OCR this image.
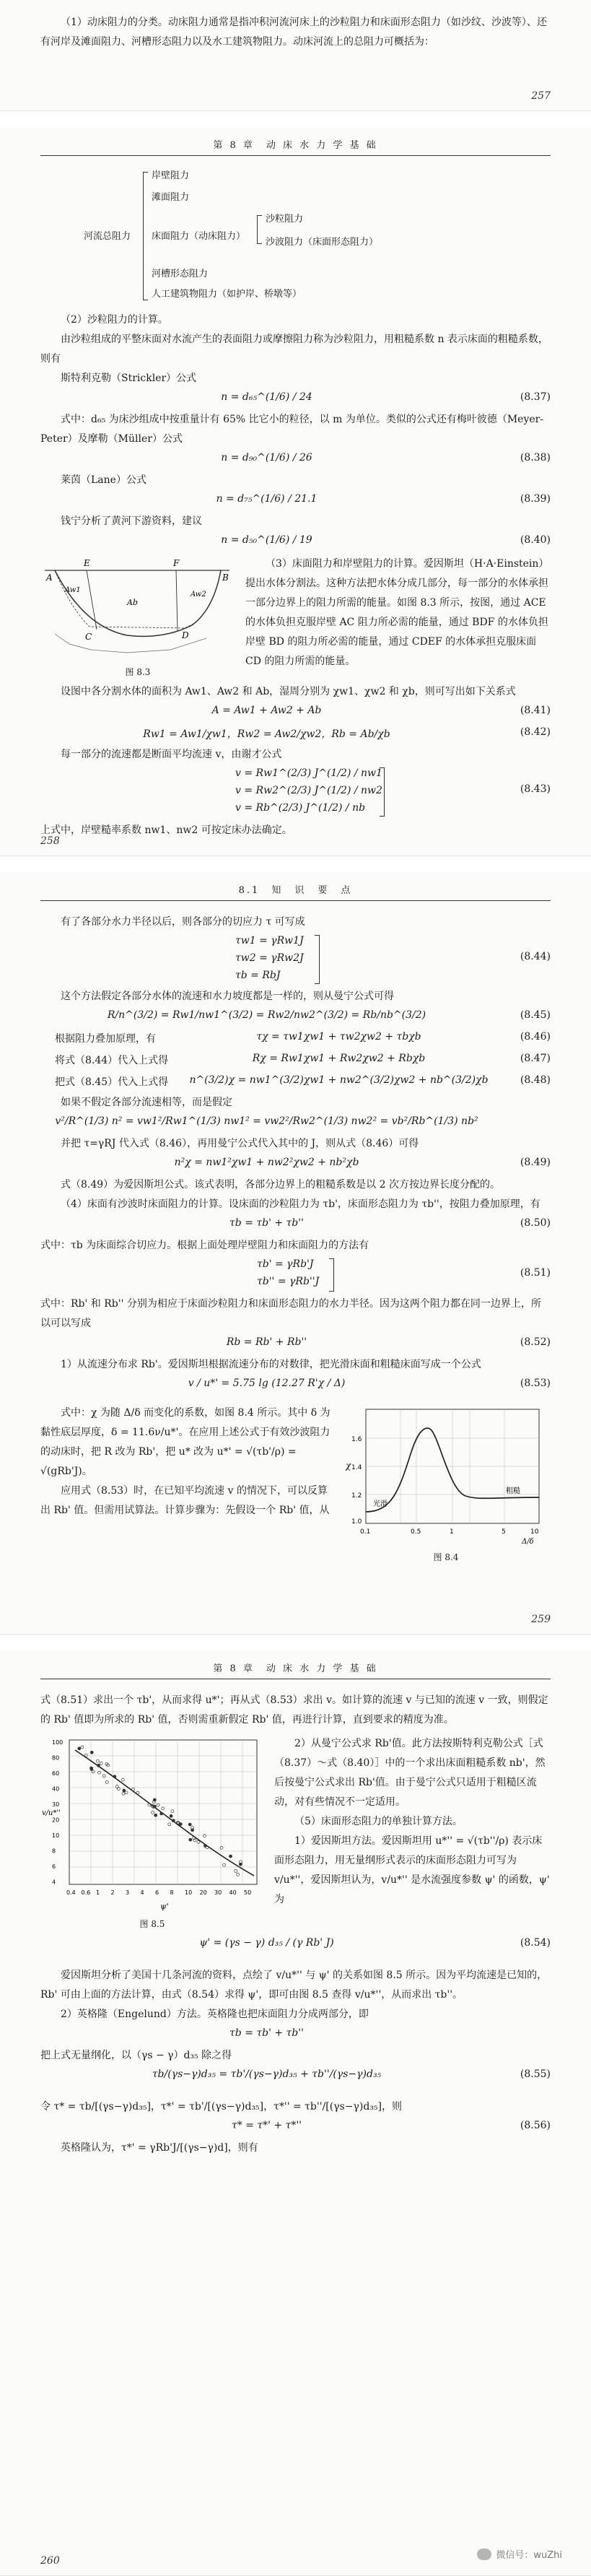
（1）动床阻力的分类。动床阻力通常是指冲积河流河床上的沙粒阻力和床面形态阻力（如沙纹、沙波等）、还有河岸及滩面阻力、河槽形态阻力以及水工建筑物阻力。动床河流上的总阻力可概括为：

257
第 8 章　动 床 水 力 学 基 础
河流总阻力
岸壁阻力
滩面阻力
床面阻力（动床阻力）
沙粒阻力
沙波阻力（床面形态阻力）
河槽形态阻力
人工建筑物阻力（如护岸、桥墩等）

（2）沙粒阻力的计算。

由沙粒组成的平整床面对水流产生的表面阻力或摩擦阻力称为沙粒阻力，用粗糙系数 n 表示床面的粗糙系数，则有

斯特利克勒（Strickler）公式

n = d₆₅^(1/6) / 24	(8.37)

式中：d₆₅ 为床沙组成中按重量计有 65% 比它小的粒径，以 m 为单位。类似的公式还有梅叶彼德（Meyer-Peter）及摩勒（Müller）公式

n = d₉₀^(1/6) / 26	(8.38)

莱茵（Lane）公式

n = d₇₅^(1/6) / 21.1	(8.39)

钱宁分析了黄河下游资料，建议

n = d₅₀^(1/6) / 19	(8.40)
E	F
A	B
C	D
Aw1
Ab
Aw2
图 8.3

（3）床面阻力和岸壁阻力的计算。爱因斯坦（H·A·Einstein）提出水体分割法。这种方法把水体分成几部分，每一部分的水体承担一部分边界上的阻力所需的能量。如图 8.3 所示，按图，通过 ACE 的水体负担克服岸壁 AC 阻力所必需的能量，通过 BDF 的水体负担岸壁 BD 的阻力所必需的能量，通过 CDEF 的水体承担克服床面 CD 的阻力所需的能量。

设图中各分割水体的面积为 Aw1、Aw2 和 Ab，湿周分别为 χw1、χw2 和 χb，则可写出如下关系式

A = Aw1 + Aw2 + Ab	(8.41)
Rw1 = Aw1/χw1，Rw2 = Aw2/χw2，Rb = Ab/χb	(8.42)

每一部分的流速都是断面平均流速 v，由谢才公式

v = Rw1^(2/3) J^(1/2) / nw1
v = Rw2^(2/3) J^(1/2) / nw2
v = Rb^(2/3) J^(1/2) / nb
(8.43)

上式中，岸壁糙率系数 nw1、nw2 可按定床办法确定。

258
8.1　知　识　要　点

有了各部分水力半径以后，则各部分的切应力 τ 可写成

τw1 = γRw1J
τw2 = γRw2J
τb = RbJ
(8.44)

这个方法假定各部分水体的流速和水力坡度都是一样的，则从曼宁公式可得

R/n^(3/2) = Rw1/nw1^(3/2) = Rw2/nw2^(3/2) = Rb/nb^(3/2)	(8.45)
根据阻力叠加原理，有	τχ = τw1χw1 + τw2χw2 + τbχb	(8.46)
将式（8.44）代入上式得	Rχ = Rw1χw1 + Rw2χw2 + Rbχb	(8.47)
把式（8.45）代入上式得	n^(3/2)χ = nw1^(3/2)χw1 + nw2^(3/2)χw2 + nb^(3/2)χb	(8.48)

如果不假定各部分流速相等，而是假定

v²/R^(1/3) n² = vw1²/Rw1^(1/3) nw1² = vw2²/Rw2^(1/3) nw2² = vb²/Rb^(1/3) nb²

并把 τ=γRJ 代入式（8.46），再用曼宁公式代入其中的 J，则从式（8.46）可得

n²χ = nw1²χw1 + nw2²χw2 + nb²χb	(8.49)

式（8.49）为爱因斯坦公式。该式表明，各部分边界上的粗糙系数是以 2 次方按边界长度分配的。

（4）床面有沙波时床面阻力的计算。设床面的沙粒阻力为 τb'，床面形态阻力为 τb''，按阻力叠加原理，有

τb = τb' + τb''	(8.50)

式中：τb 为床面综合切应力。根据上面处理岸壁阻力和床面阻力的方法有

τb' = γRb'J
τb'' = γRb''J
(8.51)

式中：Rb' 和 Rb'' 分别为相应于床面沙粒阻力和床面形态阻力的水力半径。因为这两个阻力都在同一边界上，所以可以写成

Rb = Rb' + Rb''	(8.52)

1）从流速分布求 Rb'。爱因斯坦根据流速分布的对数律，把光滑床面和粗糙床面写成一个公式

v / u*' = 5.75 lg (12.27 R'χ / Δ)	(8.53)

式中：χ 为随 Δ/δ 而变化的系数，如图 8.4 所示。其中 δ 为黏性底层厚度，δ = 11.6ν/u*'。在应用上述公式于有效沙波阻力的动床时，把 R 改为 Rb'，把 u* 改为 u*' = √(τb'/ρ) = √(gRb'J)。

应用式（8.53）时，在已知平均流速 v 的情况下，可以反算出 Rb' 值。但需用试算法。计算步骤为：先假设一个 Rb' 值，从

χ
1.6
1.4
1.2
1.0
0.1	0.5	1	5	10
Δ/δ
光滑
粗糙
图 8.4
259
第 8 章　动 床 水 力 学 基 础

式（8.51）求出一个 τb'，从而求得 u*'；再从式（8.53）求出 v。如计算的流速 v 与已知的流速 v 一致，则假定的 Rb' 值即为所求的 Rb' 值，否则需重新假定 Rb' 值，再进行计算，直到要求的精度为准。

v/u*''
100
80
60
40
30
20
10
8
6
4
0.4 0.6 1 2 3 4 6 8 10 20 30 40 50
ψ'
图 8.5

2）从曼宁公式求 Rb'值。此方法按斯特利克勒公式［式（8.37）～式（8.40）］中的一个求出床面粗糙系数 nb'，然后按曼宁公式求出 Rb'值。由于曼宁公式只适用于粗糙区流动，对有些情况不一定适用。

（5）床面形态阻力的单独计算方法。

1）爱因斯坦方法。爱因斯坦用 u*'' = √(τb''/ρ) 表示床面形态阻力，用无量纲形式表示的床面形态阻力可写为 v/u*''，爱因斯坦认为，v/u*'' 是水流强度参数 ψ' 的函数，ψ' 为

ψ' = (γs − γ) d₃₅ / (γ Rb' J)	(8.54)

爱因斯坦分析了美国十几条河流的资料，点绘了 v/u*'' 与 ψ' 的关系如图 8.5 所示。因为平均流速是已知的，Rb' 可由上面的方法计算，由式（8.54）求得 ψ'，即可由图 8.5 查得 v/u*''，从而求出 τb''。

2）英格隆（Engelund）方法。英格隆也把床面阻力分成两部分，即

τb = τb' + τb''

把上式无量纲化，以（γs − γ）d₃₅ 除之得

τb/(γs−γ)d₃₅ = τb'/(γs−γ)d₃₅ + τb''/(γs−γ)d₃₅	(8.55)

令 τ* = τb/[(γs−γ)d₃₅]，τ*' = τb'/[(γs−γ)d₃₅]，τ*'' = τb''/[(γs−γ)d₃₅]，则

τ* = τ*' + τ*''	(8.56)

英格隆认为，τ*' = γRb'J/[(γs−γ)d]，则有

微信号：wuZhi
260
